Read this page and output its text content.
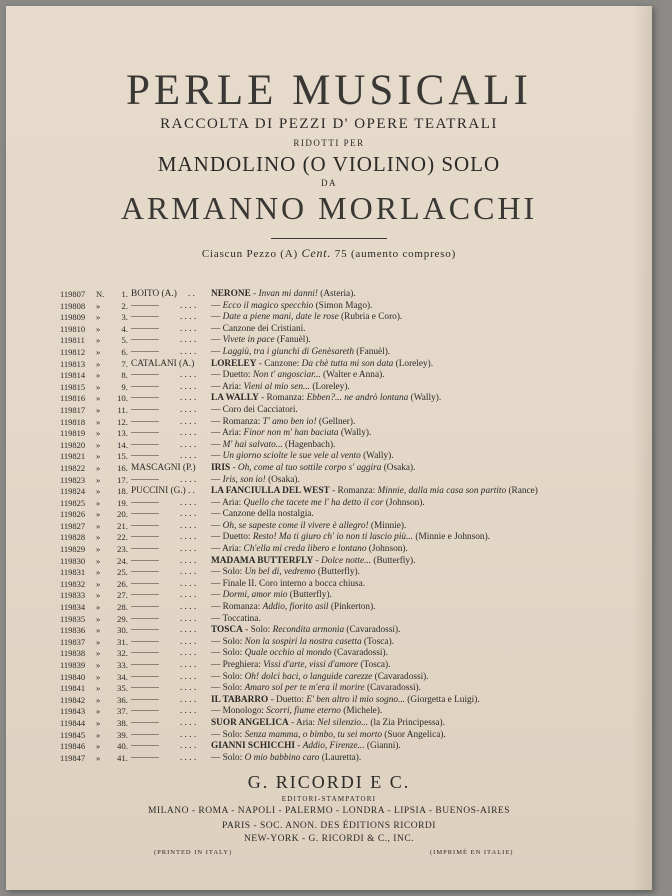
PERLE MUSICALI
RACCOLTA DI PEZZI D' OPERE TEATRALI
RIDOTTI PER
MANDOLINO (O VIOLINO) SOLO
DA
ARMANNO MORLACCHI
Ciascun Pezzo (A) Cent. 75 (aumento compreso)
119807 N.	1. BOITO (A.)	. . NERONE - Invan mi danni! (Asteria).
119808 »	2. ———	. . . . — Ecco il magico specchio (Simon Mago).
119809 »	3. ———	. . . . — Date a piene mani, date le rose (Rubria e Coro).
119810 »	4. ———	. . . . — Canzone dei Cristiani.
119811 »	5. ———	. . . . — Vivete in pace (Fanuèl).
119812 »	6. ———	. . . . — Laggiù, tra i giunchi di Genèsareth (Fanuèl).
119813 »	7. CATALANI (A.)	LORELEY - Canzone: Da chè tutta mi son data (Loreley).
119814 »	8. ———	. . . . — Duetto: Non t' angosciar... (Walter e Anna).
119815 »	9. ———	. . . . — Aria: Vieni al mio sen... (Loreley).
119816 »	10. ———	. . . . LA WALLY - Romanza: Ebben?... ne andrò lontana (Wally).
119817 »	11. ———	. . . . — Coro dei Cacciatori.
119818 »	12. ———	. . . . — Romanza: T' amo ben io! (Gellner).
119819 »	13. ———	. . . . — Aria: Finor non m' han baciata (Wally).
119820 »	14. ———	. . . . — M' hai salvato... (Hagenbach).
119821 »	15. ———	. . . . — Un giorno sciolte le sue vele al vento (Wally).
119822 »	16. MASCAGNI (P.)	IRIS - Oh, come al tuo sottile corpo s' aggira (Osaka).
119823 »	17. ———	. . . . — Iris, son io! (Osaka).
119824 »	18. PUCCINI (G.) . . LA FANCIULLA DEL WEST - Romanza: Minnie, dalla mia casa son partito (Rance)
119825 »	19. ———	. . . . — Aria: Quello che tacete me l' ha detto il cor (Johnson).
119826 »	20. ———	. . . . — Canzone della nostalgia.
119827 »	21. ———	. . . . — Oh, se sapeste come il vivere è allegro! (Minnie).
119828 »	22. ———	. . . . — Duetto: Resto! Ma ti giuro ch' io non ti lascio più... (Minnie e Johnson).
119829 »	23. ———	. . . . — Aria: Ch'ella mi creda libero e lontano (Johnson).
119830 »	24. ———	. . . . MADAMA BUTTERFLY - Dolce notte... (Butterfly).
119831 »	25. ———	. . . . — Solo: Un bel di, vedremo (Butterfly).
119832 »	26. ———	. . . . — Finale II. Coro interno a bocca chiusa.
119833 »	27. ———	. . . . — Dormi, amor mio (Butterfly).
119834 »	28. ———	. . . . — Romanza: Addio, fiorito asil (Pinkerton).
119835 »	29. ———	. . . . — Toccatina.
119836 »	30. ———	. . . . TOSCA - Solo: Recondita armonia (Cavaradossi).
119837 »	31. ———	. . . . — Solo: Non la sospiri la nostra casetta (Tosca).
119838 »	32. ———	. . . . — Solo: Quale occhio al mondo (Cavaradossi).
119839 »	33. ———	. . . . — Preghiera: Vissi d'arte, vissi d'amore (Tosca).
119840 »	34. ———	. . . . — Solo: Oh! dolci baci, o languide carezze (Cavaradossi).
119841 »	35. ———	. . . . — Solo: Amaro sol per te m'era il morire (Cavaradossi).
119842 »	36. ———	. . . . IL TABARRO - Duetto: E' ben altro il mio sogno... (Giorgetta e Luigi).
119843 »	37. ———	. . . . — Monologo: Scorri, fiume eterno (Michele).
119844 »	38. ———	. . . . SUOR ANGELICA - Aria: Nel silenzio... (la Zia Principessa).
119845 »	39. ———	. . . . — Solo: Senza mamma, o bimbo, tu sei morto (Suor Angelica).
119846 »	40. ———	. . . . GIANNI SCHICCHI - Addio, Firenze... (Gianni).
119847 »	41. ———	. . . . — Solo: O mio babbino caro (Lauretta).
G. RICORDI E C.
EDITORI-STAMPATORI
MILANO - ROMA - NAPOLI - PALERMO - LONDRA - LIPSIA - BUENOS-AIRES
PARIS - SOC. ANON. DES ÉDITIONS RICORDI
NEW-YORK - G. RICORDI & C., INC.
(PRINTED IN ITALY)	(IMPRIMÉ EN ITALIE)
